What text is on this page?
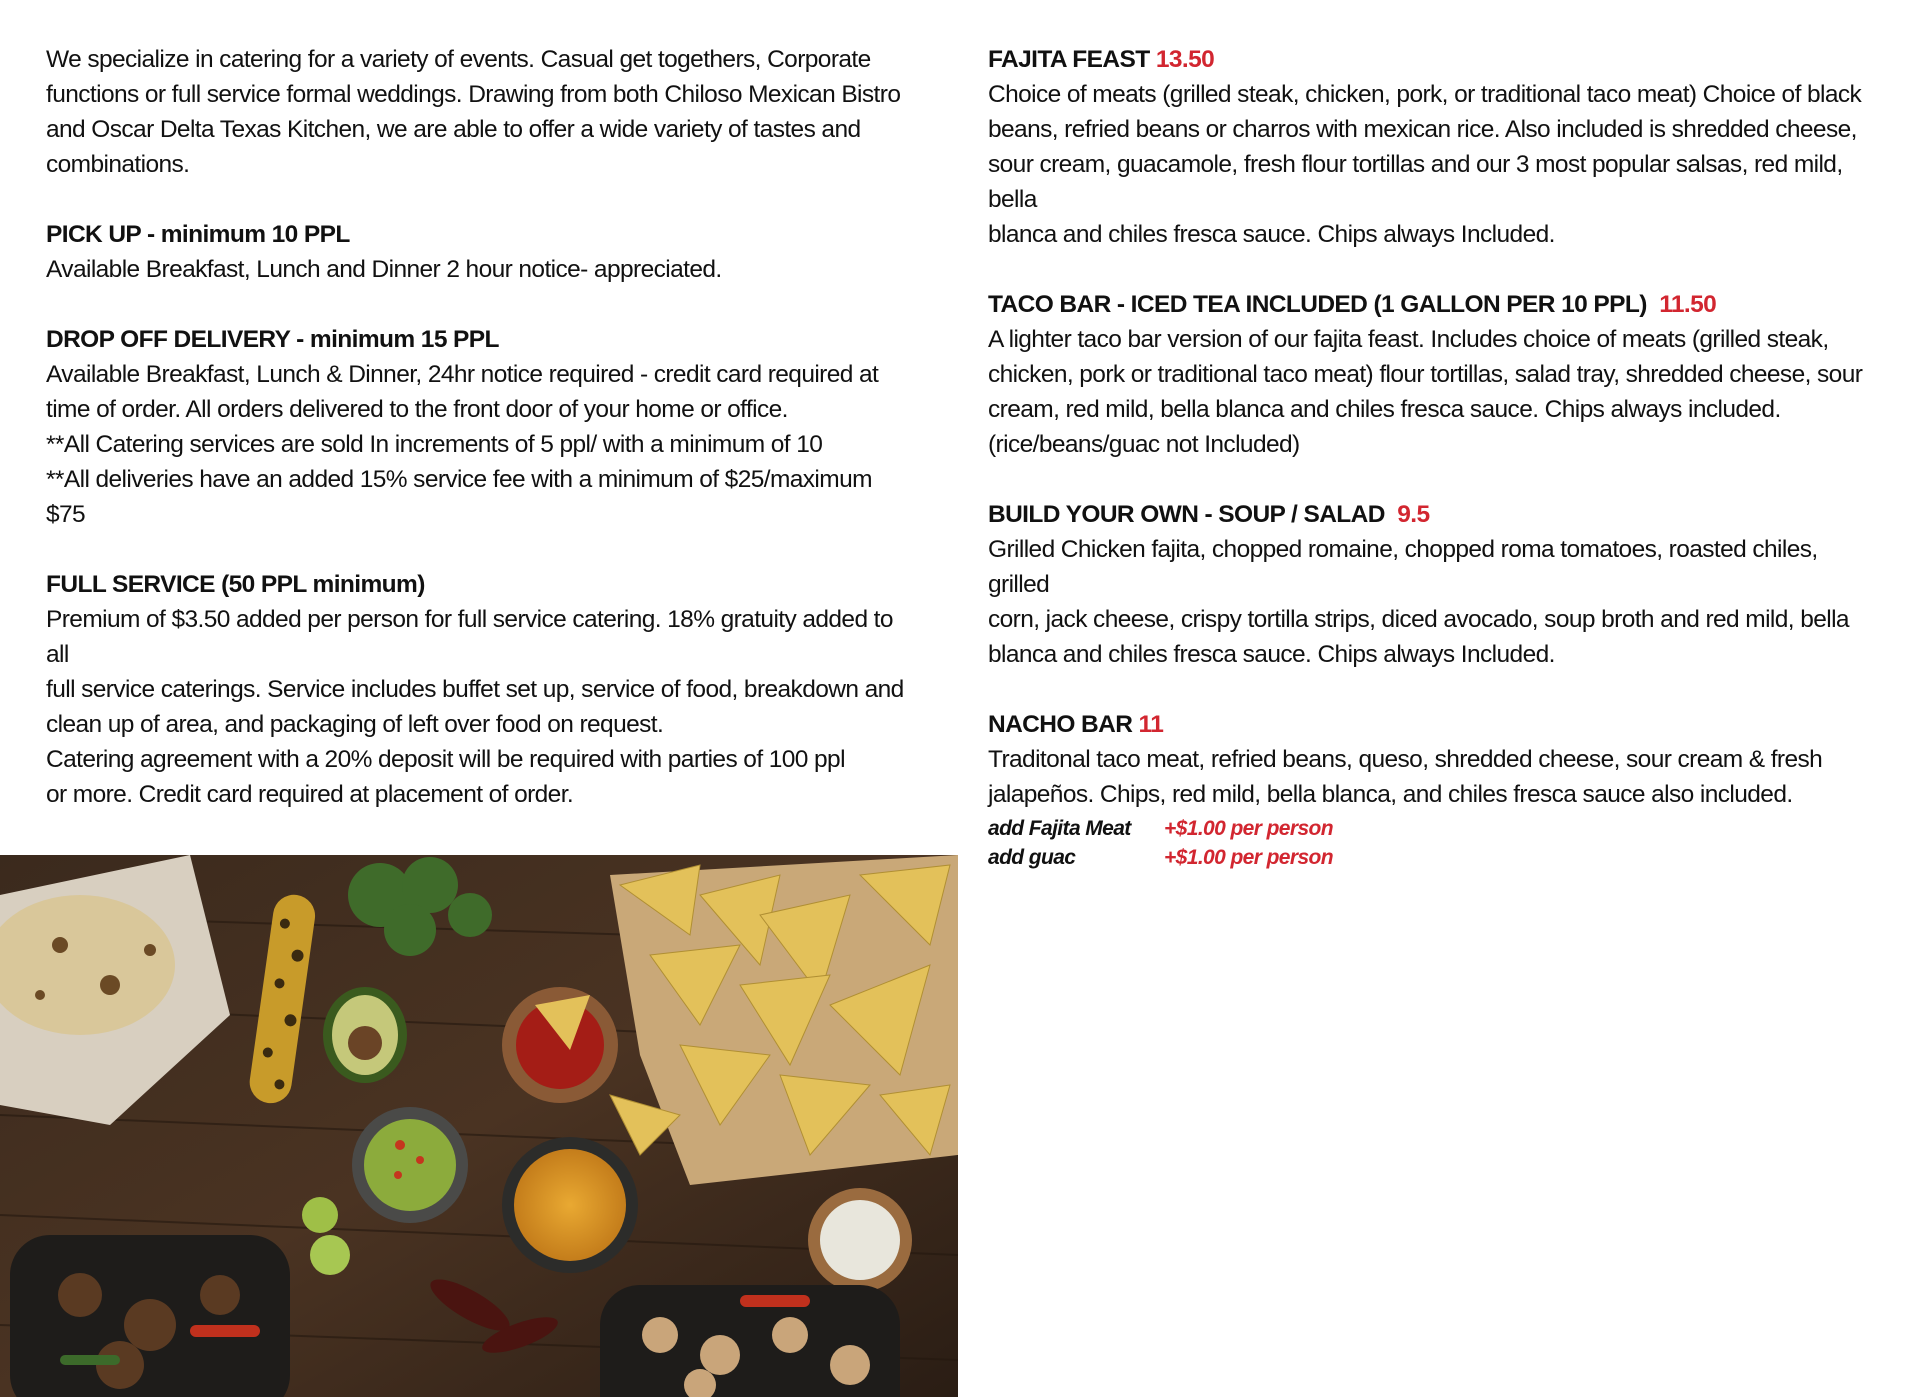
We specialize in catering for a variety of events. Casual get togethers, Corporate

functions or full service formal weddings. Drawing from both Chiloso Mexican Bistro

and Oscar Delta Texas Kitchen, we are able to offer a wide variety of tastes and

combinations.

PICK UP - minimum 10 PPL

Available Breakfast, Lunch and Dinner 2 hour notice- appreciated.

DROP OFF DELIVERY - minimum 15 PPL

Available Breakfast, Lunch & Dinner, 24hr notice required - credit card required at

time of order. All orders delivered to the front door of your home or office.

**All Catering services are sold In increments of 5 ppl/ with a minimum of 10

**All deliveries have an added 15% service fee with a minimum of $25/maximum $75

FULL SERVICE (50 PPL minimum)

Premium of $3.50 added per person for full service catering. 18% gratuity added to all

full service caterings. Service includes buffet set up, service of food, breakdown and

clean up of area, and packaging of left over food on request.

Catering agreement with a 20% deposit will be required with parties of 100 ppl

or more. Credit card required at placement of order.

FAJITA FEAST 13.50

Choice of meats (grilled steak, chicken, pork, or traditional taco meat) Choice of black

beans, refried beans or charros with mexican rice. Also included is shredded cheese,

sour cream, guacamole, fresh flour tortillas and our 3 most popular salsas, red mild, bella

blanca and chiles fresca sauce. Chips always Included.

TACO BAR - ICED TEA INCLUDED (1 GALLON PER 10 PPL) 11.50

A lighter taco bar version of our fajita feast. Includes choice of meats (grilled steak,

chicken, pork or traditional taco meat) flour tortillas, salad tray, shredded cheese, sour

cream, red mild, bella blanca and chiles fresca sauce. Chips always included.

(rice/beans/guac not Included)

BUILD YOUR OWN - SOUP / SALAD 9.5

Grilled Chicken fajita, chopped romaine, chopped roma tomatoes, roasted chiles, grilled

corn, jack cheese, crispy tortilla strips, diced avocado, soup broth and red mild, bella

blanca and chiles fresca sauce. Chips always Included.

NACHO BAR 11

Traditonal taco meat, refried beans, queso, shredded cheese, sour cream & fresh

jalapeños. Chips, red mild, bella blanca, and chiles fresca sauce also included.

add Fajita Meat +$1.00 per person
add guac	+$1.00 per person
